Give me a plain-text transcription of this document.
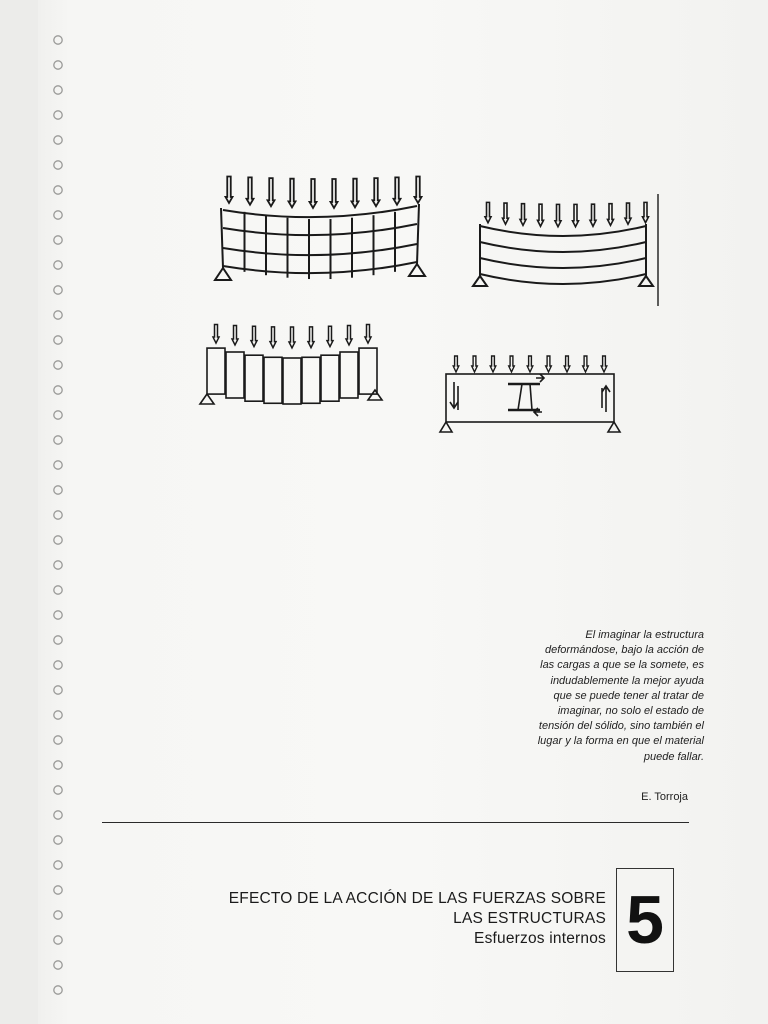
El imaginar la estructura
deformándose, bajo la acción de
las cargas a que se la somete, es
indudablemente la mejor ayuda
que se puede tener al tratar de
imaginar, no solo el estado de
tensión del sólido, sino también el
lugar y la forma en que el material
puede fallar.
E. Torroja
EFECTO DE LA ACCIÓN DE LAS FUERZAS SOBRE
LAS ESTRUCTURAS
Esfuerzos internos 5
